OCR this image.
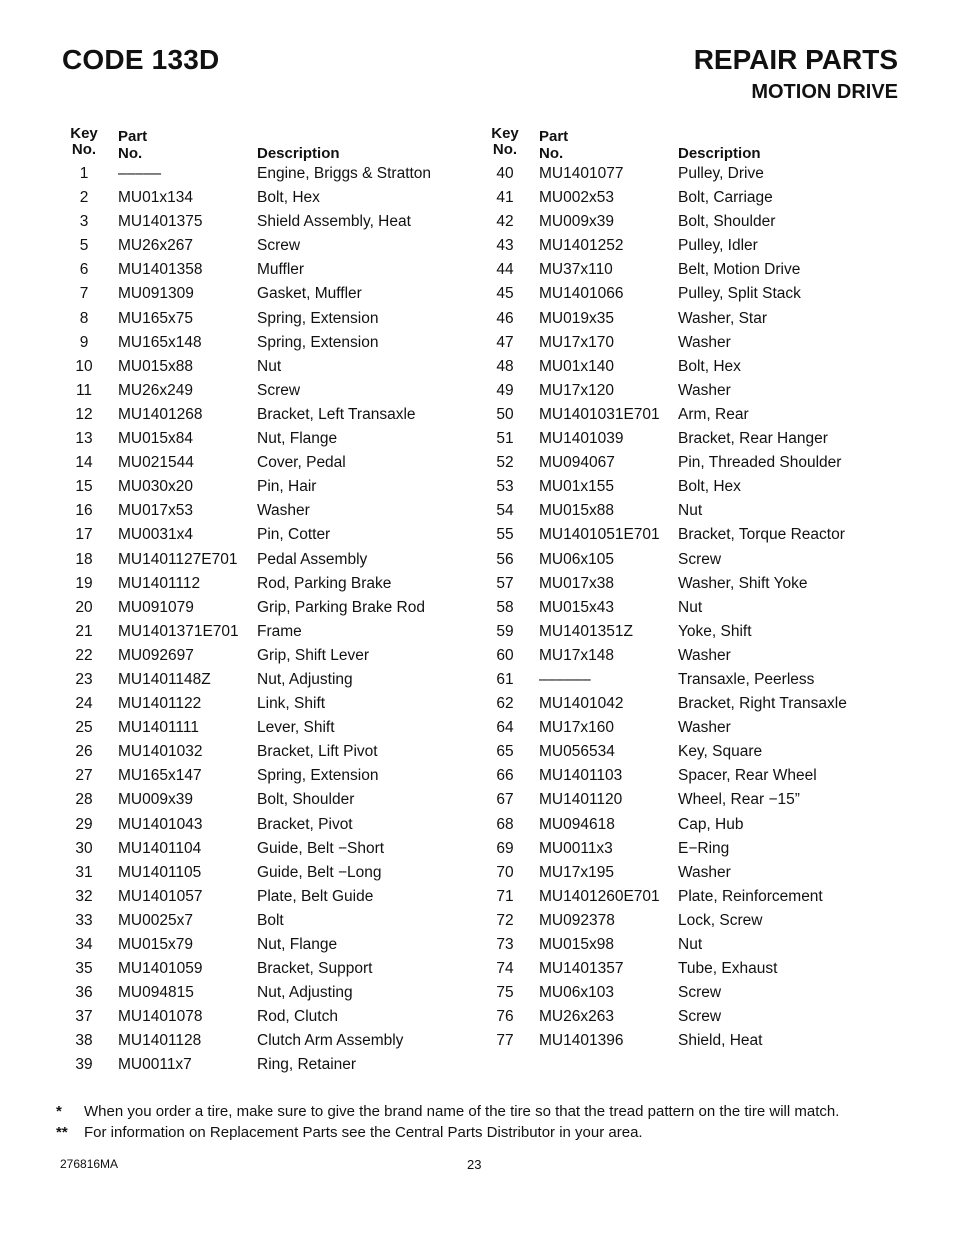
CODE 133D	REPAIR PARTS
MOTION DRIVE
Key
No.
Part No.	Description
1	–––––	Engine, Briggs & Stratton
2	MU01x134	Bolt, Hex
3	MU1401375	Shield Assembly, Heat
5	MU26x267	Screw
6	MU1401358	Muffler
7	MU091309	Gasket, Muffler
8	MU165x75	Spring, Extension
9	MU165x148	Spring, Extension
10	MU015x88	Nut
11	MU26x249	Screw
12	MU1401268	Bracket, Left Transaxle
13	MU015x84	Nut, Flange
14	MU021544	Cover, Pedal
15	MU030x20	Pin, Hair
16	MU017x53	Washer
17	MU0031x4	Pin, Cotter
18	MU1401127E701 Pedal Assembly
19	MU1401112	Rod, Parking Brake
20	MU091079	Grip, Parking Brake Rod
21	MU1401371E701 Frame
22	MU092697	Grip, Shift Lever
23	MU1401148Z	Nut, Adjusting
24	MU1401122	Link, Shift
25	MU1401111	Lever, Shift
26	MU1401032	Bracket, Lift Pivot
27	MU165x147	Spring, Extension
28	MU009x39	Bolt, Shoulder
29	MU1401043	Bracket, Pivot
30	MU1401104	Guide, Belt −Short
31	MU1401105	Guide, Belt −Long
32	MU1401057	Plate, Belt Guide
33	MU0025x7	Bolt
34	MU015x79	Nut, Flange
35	MU1401059	Bracket, Support
36	MU094815	Nut, Adjusting
37	MU1401078	Rod, Clutch
38	MU1401128	Clutch Arm Assembly
39	MU0011x7	Ring, Retainer
Key
No.
Part No.	Description
40	MU1401077	Pulley, Drive
41	MU002x53	Bolt, Carriage
42	MU009x39	Bolt, Shoulder
43	MU1401252	Pulley, Idler
44	MU37x110	Belt, Motion Drive
45	MU1401066	Pulley, Split Stack
46	MU019x35	Washer, Star
47	MU17x170	Washer
48	MU01x140	Bolt, Hex
49	MU17x120	Washer
50	MU1401031E701 Arm, Rear
51	MU1401039	Bracket, Rear Hanger
52	MU094067	Pin, Threaded Shoulder
53	MU01x155	Bolt, Hex
54	MU015x88	Nut
55	MU1401051E701 Bracket, Torque Reactor
56	MU06x105	Screw
57	MU017x38	Washer, Shift Yoke
58	MU015x43	Nut
59	MU1401351Z	Yoke, Shift
60	MU17x148	Washer
61	––––––	Transaxle, Peerless
62	MU1401042	Bracket, Right Transaxle
64	MU17x160	Washer
65	MU056534	Key, Square
66	MU1401103	Spacer, Rear Wheel
67	MU1401120	Wheel, Rear −15”
68	MU094618	Cap, Hub
69	MU0011x3	E−Ring
70	MU17x195	Washer
71	MU1401260E701 Plate, Reinforcement
72	MU092378	Lock, Screw
73	MU015x98	Nut
74	MU1401357	Tube, Exhaust
75	MU06x103	Screw
76	MU26x263	Screw
77	MU1401396	Shield, Heat
* When you order a tire, make sure to give the brand name of the tire so that the tread pattern on the tire will match.
** For information on Replacement Parts see the Central Parts Distributor in your area.
276816MA	23
